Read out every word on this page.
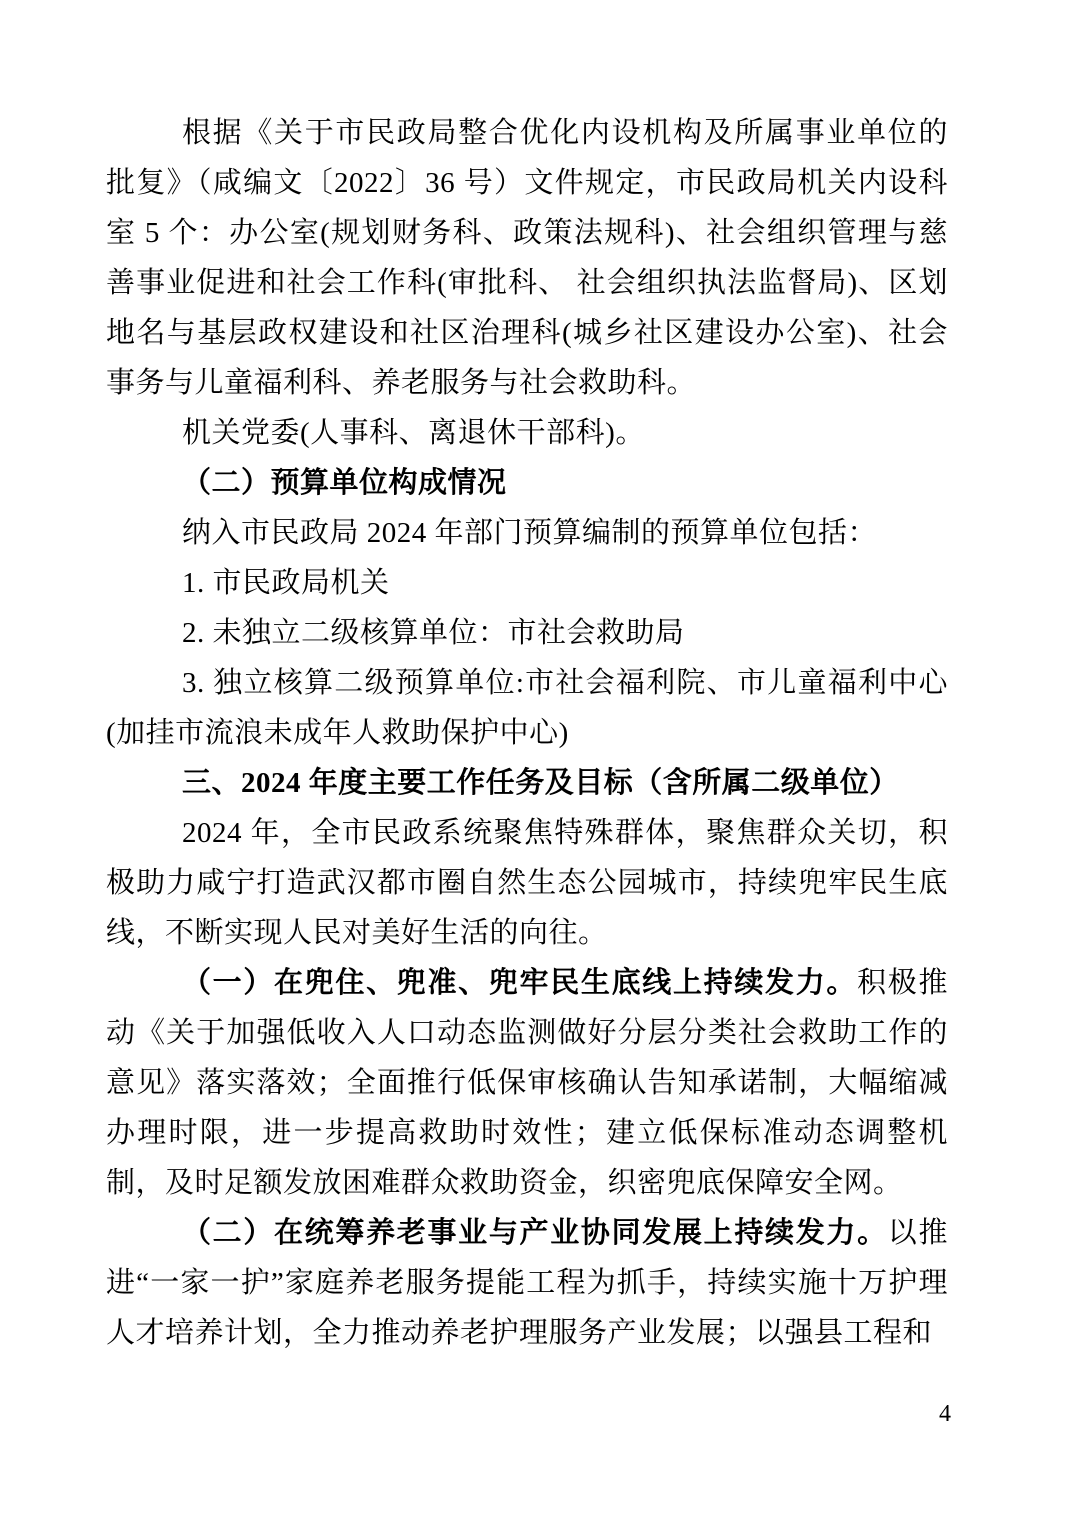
根据《关于市民政局整合优化内设机构及所属事业单位的批复》（咸编文〔2022〕36 号）文件规定，市民政局机关内设科室 5 个：办公室(规划财务科、政策法规科)、社会组织管理与慈善事业促进和社会工作科(审批科、 社会组织执法监督局)、区划地名与基层政权建设和社区治理科(城乡社区建设办公室)、社会事务与儿童福利科、养老服务与社会救助科。

机关党委(人事科、离退休干部科)。

（二）预算单位构成情况

纳入市民政局 2024 年部门预算编制的预算单位包括：

1. 市民政局机关

2. 未独立二级核算单位：市社会救助局

3. 独立核算二级预算单位:市社会福利院、市儿童福利中心(加挂市流浪未成年人救助保护中心)

三、2024 年度主要工作任务及目标（含所属二级单位）

2024 年，全市民政系统聚焦特殊群体，聚焦群众关切，积极助力咸宁打造武汉都市圈自然生态公园城市，持续兜牢民生底线，不断实现人民对美好生活的向往。

（一）在兜住、兜准、兜牢民生底线上持续发力。积极推动《关于加强低收入人口动态监测做好分层分类社会救助工作的意见》落实落效；全面推行低保审核确认告知承诺制，大幅缩减办理时限，进一步提高救助时效性；建立低保标准动态调整机制，及时足额发放困难群众救助资金，织密兜底保障安全网。

（二）在统筹养老事业与产业协同发展上持续发力。以推进“一家一护”家庭养老服务提能工程为抓手，持续实施十万护理人才培养计划，全力推动养老护理服务产业发展；以强县工程和

4
